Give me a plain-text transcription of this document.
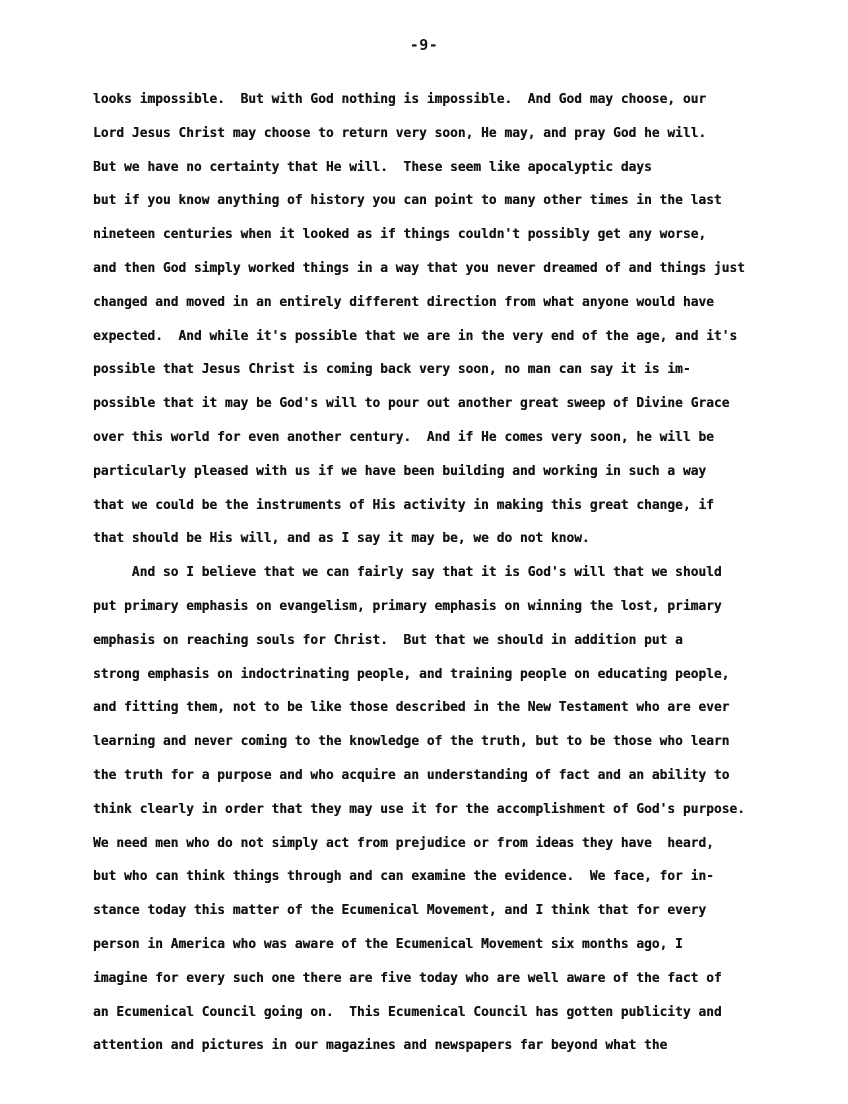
-9-
looks impossible.  But with God nothing is impossible.  And God may choose, our
Lord Jesus Christ may choose to return very soon, He may, and pray God he will.
But we have no certainty that He will.  These seem like apocalyptic days
but if you know anything of history you can point to many other times in the last
nineteen centuries when it looked as if things couldn't possibly get any worse,
and then God simply worked things in a way that you never dreamed of and things just
changed and moved in an entirely different direction from what anyone would have
expected.  And while it's possible that we are in the very end of the age, and it's
possible that Jesus Christ is coming back very soon, no man can say it is im-
possible that it may be God's will to pour out another great sweep of Divine Grace
over this world for even another century.  And if He comes very soon, he will be
particularly pleased with us if we have been building and working in such a way
that we could be the instruments of His activity in making this great change, if
that should be His will, and as I say it may be, we do not know.
And so I believe that we can fairly say that it is God's will that we should
put primary emphasis on evangelism, primary emphasis on winning the lost, primary
emphasis on reaching souls for Christ.  But that we should in addition put a
strong emphasis on indoctrinating people, and training people on educating people,
and fitting them, not to be like those described in the New Testament who are ever
learning and never coming to the knowledge of the truth, but to be those who learn
the truth for a purpose and who acquire an understanding of fact and an ability to
think clearly in order that they may use it for the accomplishment of God's purpose.
We need men who do not simply act from prejudice or from ideas they have  heard,
but who can think things through and can examine the evidence.  We face, for in-
stance today this matter of the Ecumenical Movement, and I think that for every
person in America who was aware of the Ecumenical Movement six months ago, I
imagine for every such one there are five today who are well aware of the fact of
an Ecumenical Council going on.  This Ecumenical Council has gotten publicity and
attention and pictures in our magazines and newspapers far beyond what the
